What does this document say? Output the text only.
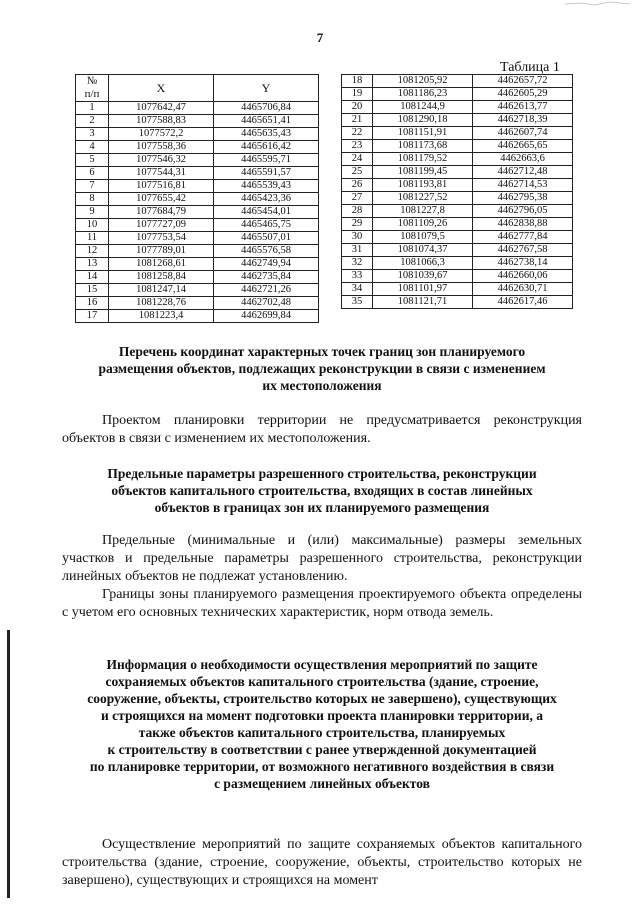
7
Таблица 1
№
п/п	X	Y
1	1077642,47	4465706,84
2	1077588,83	4465651,41
3	1077572,2	4465635,43
4	1077558,36	4465616,42
5	1077546,32	4465595,71
6	1077544,31	4465591,57
7	1077516,81	4465539,43
8	1077655,42	4465423,36
9	1077684,79	4465454,01
10	1077727,09	4465465,75
11	1077753,54	4465507,01
12	1077789,01	4465576,58
13	1081268,61	4462749,94
14	1081258,84	4462735,84
15	1081247,14	4462721,26
16	1081228,76	4462702,48
17	1081223,4	4462699,84
18	1081205,92	4462657,72
19	1081186,23	4462605,29
20	1081244,9	4462613,77
21	1081290,18	4462718,39
22	1081151,91	4462607,74
23	1081173,68	4462665,65
24	1081179,52	4462663,6
25	1081199,45	4462712,48
26	1081193,81	4462714,53
27	1081227,52	4462795,38
28	1081227,8	4462796,05
29	1081109,26	4462838,88
30	1081079,5	4462777,84
31	1081074,37	4462767,58
32	1081066,3	4462738,14
33	1081039,67	4462660,06
34	1081101,97	4462630,71
35	1081121,71	4462617,46
Перечень координат характерных точек границ зон планируемого
размещения объектов, подлежащих реконструкции в связи с изменением
их местоположения
Проектом планировки территории не предусматривается реконструкция объектов в связи с изменением их местоположения.
Предельные параметры разрешенного строительства, реконструкции
объектов капитального строительства, входящих в состав линейных
объектов в границах зон их планируемого размещения
Предельные (минимальные и (или) максимальные) размеры земельных участков и предельные параметры разрешенного строительства, реконструкции линейных объектов не подлежат установлению.
Границы зоны планируемого размещения проектируемого объекта определены с учетом его основных технических характеристик, норм отвода земель.
Информация о необходимости осуществления мероприятий по защите
сохраняемых объектов капитального строительства (здание, строение,
сооружение, объекты, строительство которых не завершено), существующих
и строящихся на момент подготовки проекта планировки территории, а
также объектов капитального строительства, планируемых
к строительству в соответствии с ранее утвержденной документацией
по планировке территории, от возможного негативного воздействия в связи
с размещением линейных объектов
Осуществление мероприятий по защите сохраняемых объектов капитального строительства (здание, строение, сооружение, объекты, строительство которых не завершено), существующих и строящихся на момент
